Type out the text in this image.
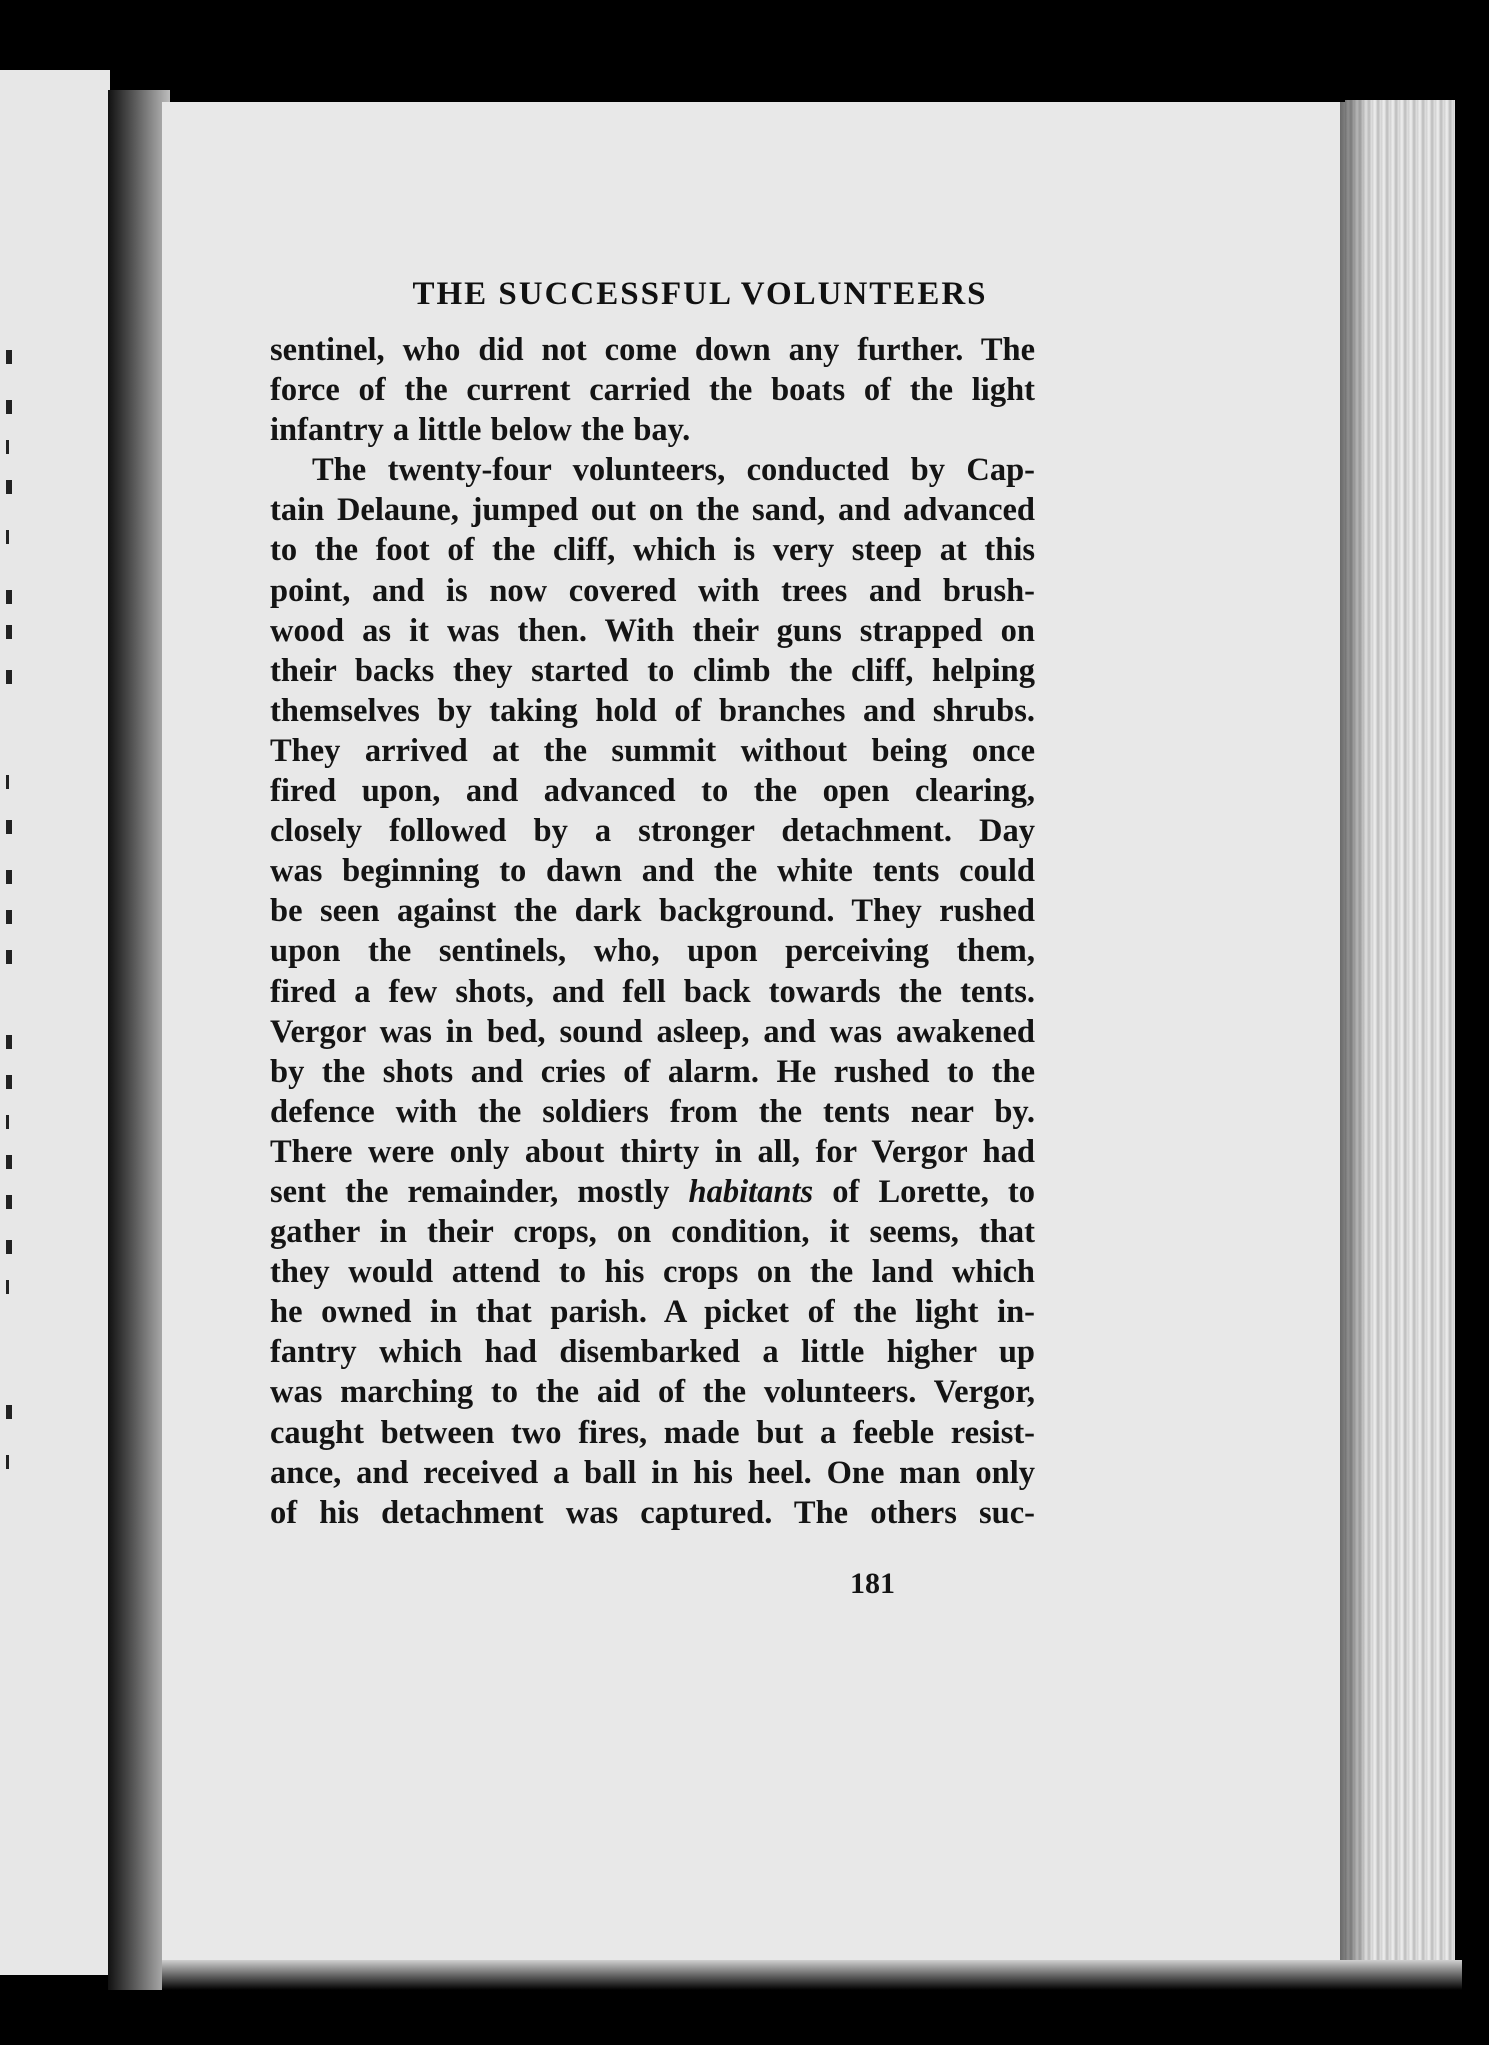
THE SUCCESSFUL VOLUNTEERS

sentinel, who did not come down any further. The
force of the current carried the boats of the light
infantry a little below the bay.

The twenty-four volunteers, conducted by Cap-
tain Delaune, jumped out on the sand, and advanced
to the foot of the cliff, which is very steep at this
point, and is now covered with trees and brush-
wood as it was then. With their guns strapped on
their backs they started to climb the cliff, helping
themselves by taking hold of branches and shrubs.
They arrived at the summit without being once
fired upon, and advanced to the open clearing,
closely followed by a stronger detachment. Day
was beginning to dawn and the white tents could
be seen against the dark background. They rushed
upon the sentinels, who, upon perceiving them,
fired a few shots, and fell back towards the tents.
Vergor was in bed, sound asleep, and was awakened
by the shots and cries of alarm. He rushed to the
defence with the soldiers from the tents near by.
There were only about thirty in all, for Vergor had
sent the remainder, mostly habitants of Lorette, to
gather in their crops, on condition, it seems, that
they would attend to his crops on the land which
he owned in that parish. A picket of the light in-
fantry which had disembarked a little higher up
was marching to the aid of the volunteers. Vergor,
caught between two fires, made but a feeble resist-
ance, and received a ball in his heel. One man only
of his detachment was captured. The others suc-

181
